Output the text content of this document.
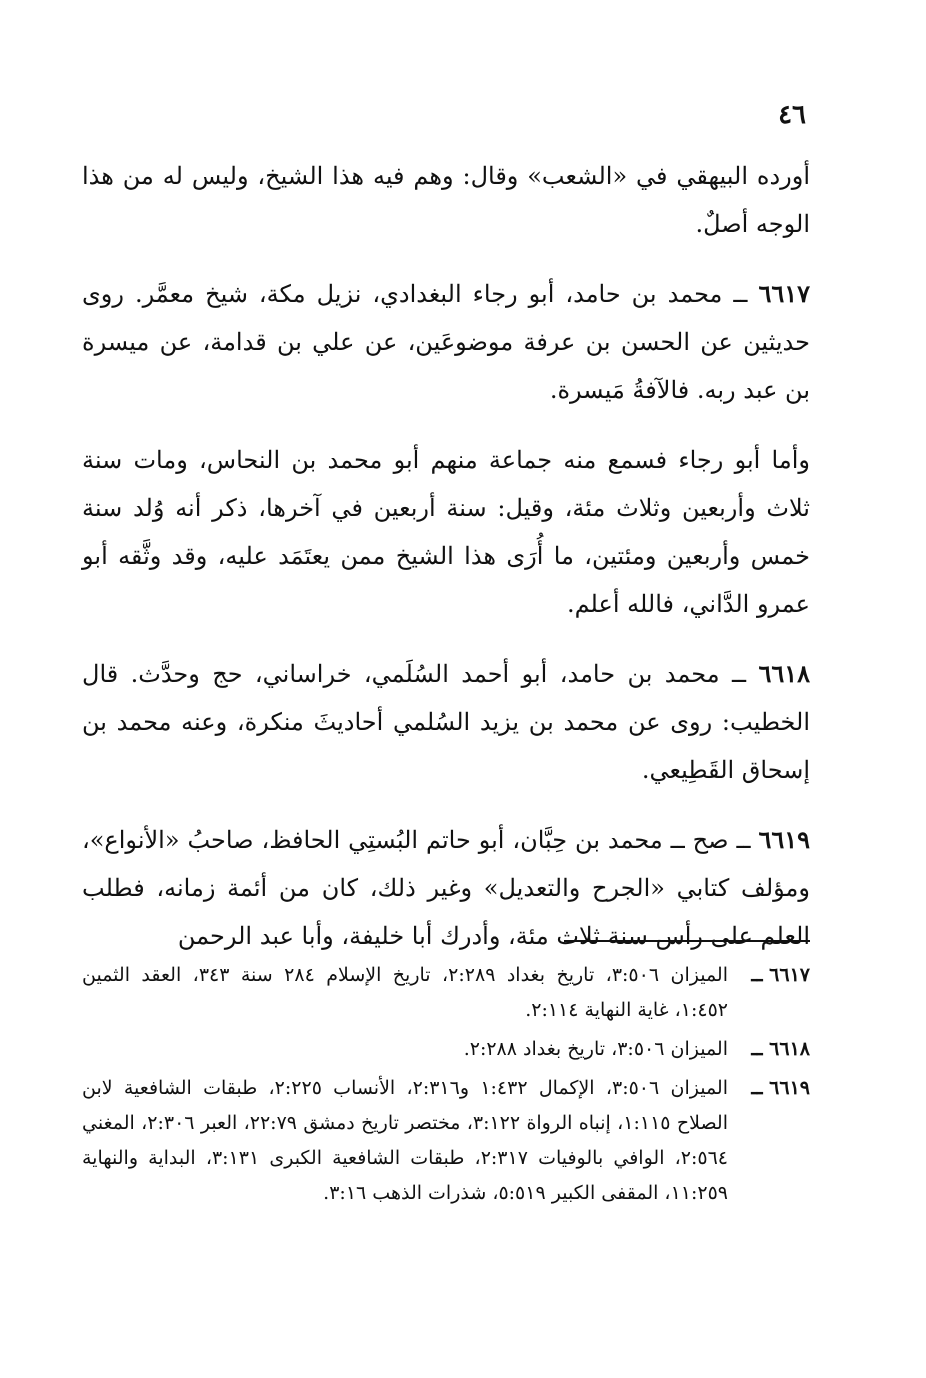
٤٦

أورده البيهقي في «الشعب» وقال: وهم فيه هذا الشيخ، وليس له من هذا الوجه أصلٌ.

٦٦١٧ ــ محمد بن حامد، أبو رجاء البغدادي، نزيل مكة، شيخ معمَّر. روى حديثين عن الحسن بن عرفة موضوعَين، عن علي بن قدامة، عن ميسرة بن عبد ربه. فالآفةُ مَيسرة.

وأما أبو رجاء فسمع منه جماعة منهم أبو محمد بن النحاس، ومات سنة ثلاث وأربعين وثلاث مئة، وقيل: سنة أربعين في آخرها، ذكر أنه وُلد سنة خمس وأربعين ومئتين، ما أُرَى هذا الشيخ ممن يعتَمَد عليه، وقد وثَّقه أبو عمرو الدَّاني، فالله أعلم.

٦٦١٨ ــ محمد بن حامد، أبو أحمد السُلَمي، خراساني، حج وحدَّث. قال الخطيب: روى عن محمد بن يزيد السُلمي أحاديثَ منكرة، وعنه محمد بن إسحاق القَطِيعي.

٦٦١٩ ــ صح ــ محمد بن حِبَّان، أبو حاتم البُستِي الحافظ، صاحبُ «الأنواع»، ومؤلف كتابي «الجرح والتعديل» وغير ذلك، كان من أئمة زمانه، فطلب العلم على رأس سنة ثلاث مئة، وأدرك أبا خليفة، وأبا عبد الرحمن

٦٦١٧ ــ
الميزان ٣:٥٠٦، تاريخ بغداد ٢:٢٨٩، تاريخ الإسلام ٢٨٤ سنة ٣٤٣، العقد الثمين ١:٤٥٢، غاية النهاية ٢:١١٤.
٦٦١٨ ــ
الميزان ٣:٥٠٦، تاريخ بغداد ٢:٢٨٨.
٦٦١٩ ــ
الميزان ٣:٥٠٦، الإكمال ١:٤٣٢ و٢:٣١٦، الأنساب ٢:٢٢٥، طبقات الشافعية لابن الصلاح ١:١١٥، إنباه الرواة ٣:١٢٢، مختصر تاريخ دمشق ٢٢:٧٩، العبر ٢:٣٠٦، المغني ٢:٥٦٤، الوافي بالوفيات ٢:٣١٧، طبقات الشافعية الكبرى ٣:١٣١، البداية والنهاية ١١:٢٥٩، المقفى الكبير ٥:٥١٩، شذرات الذهب ٣:١٦.
